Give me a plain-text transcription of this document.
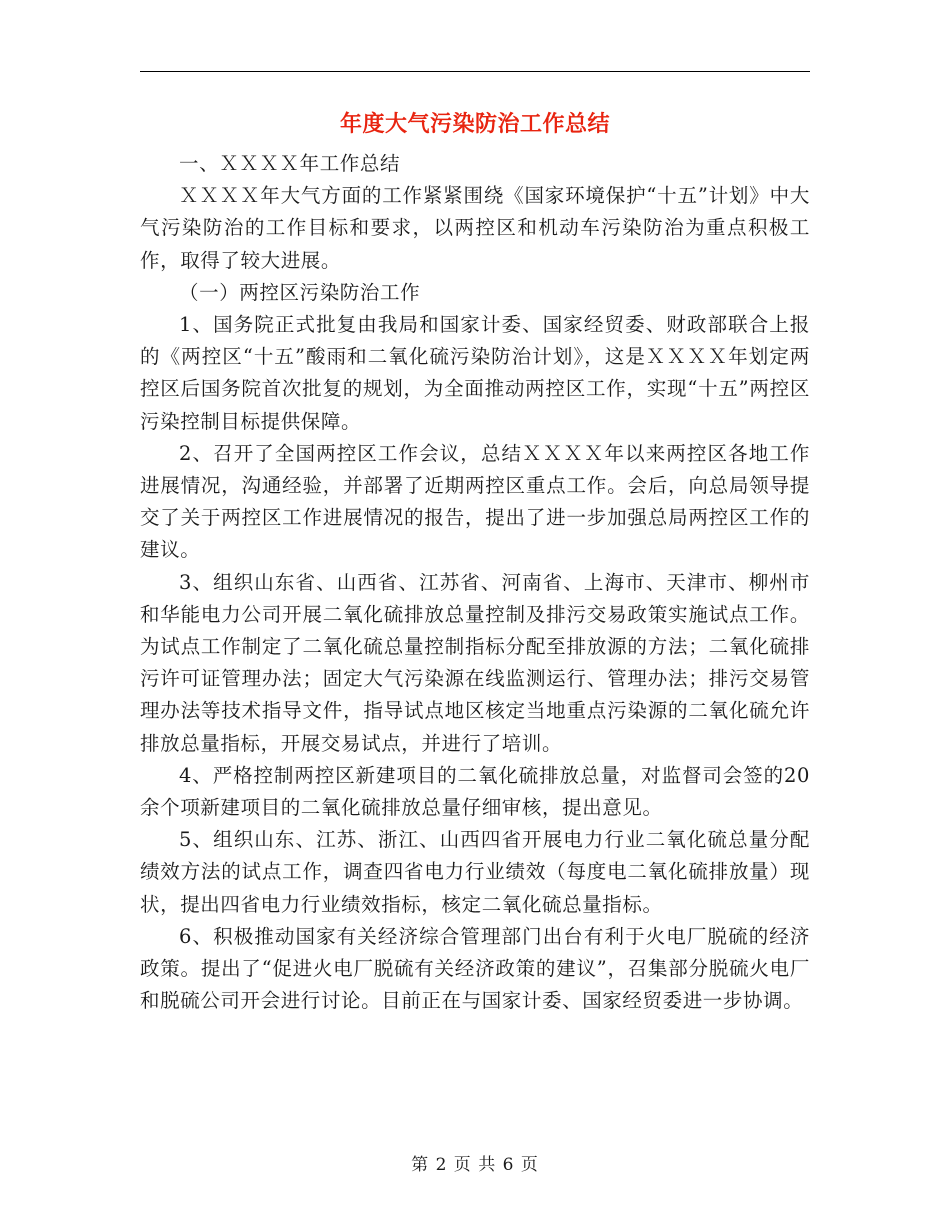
年度大气污染防治工作总结

一、ＸＸＸＸ年工作总结

ＸＸＸＸ年大气方面的工作紧紧围绕《国家环境保护“十五”计划》中大气污染防治的工作目标和要求，以两控区和机动车污染防治为重点积极工作，取得了较大进展。

（一）两控区污染防治工作

1、国务院正式批复由我局和国家计委、国家经贸委、财政部联合上报的《两控区“十五”酸雨和二氧化硫污染防治计划》，这是ＸＸＸＸ年划定两控区后国务院首次批复的规划，为全面推动两控区工作，实现“十五”两控区污染控制目标提供保障。

2、召开了全国两控区工作会议，总结ＸＸＸＸ年以来两控区各地工作进展情况，沟通经验，并部署了近期两控区重点工作。会后，向总局领导提交了关于两控区工作进展情况的报告，提出了进一步加强总局两控区工作的建议。

3、组织山东省、山西省、江苏省、河南省、上海市、天津市、柳州市和华能电力公司开展二氧化硫排放总量控制及排污交易政策实施试点工作。为试点工作制定了二氧化硫总量控制指标分配至排放源的方法；二氧化硫排污许可证管理办法；固定大气污染源在线监测运行、管理办法；排污交易管理办法等技术指导文件，指导试点地区核定当地重点污染源的二氧化硫允许排放总量指标，开展交易试点，并进行了培训。

4、严格控制两控区新建项目的二氧化硫排放总量，对监督司会签的20余个项新建项目的二氧化硫排放总量仔细审核，提出意见。

5、组织山东、江苏、浙江、山西四省开展电力行业二氧化硫总量分配绩效方法的试点工作，调查四省电力行业绩效（每度电二氧化硫排放量）现状，提出四省电力行业绩效指标，核定二氧化硫总量指标。

6、积极推动国家有关经济综合管理部门出台有利于火电厂脱硫的经济政策。提出了“促进火电厂脱硫有关经济政策的建议”，召集部分脱硫火电厂和脱硫公司开会进行讨论。目前正在与国家计委、国家经贸委进一步协调。

第 2 页 共 6 页
